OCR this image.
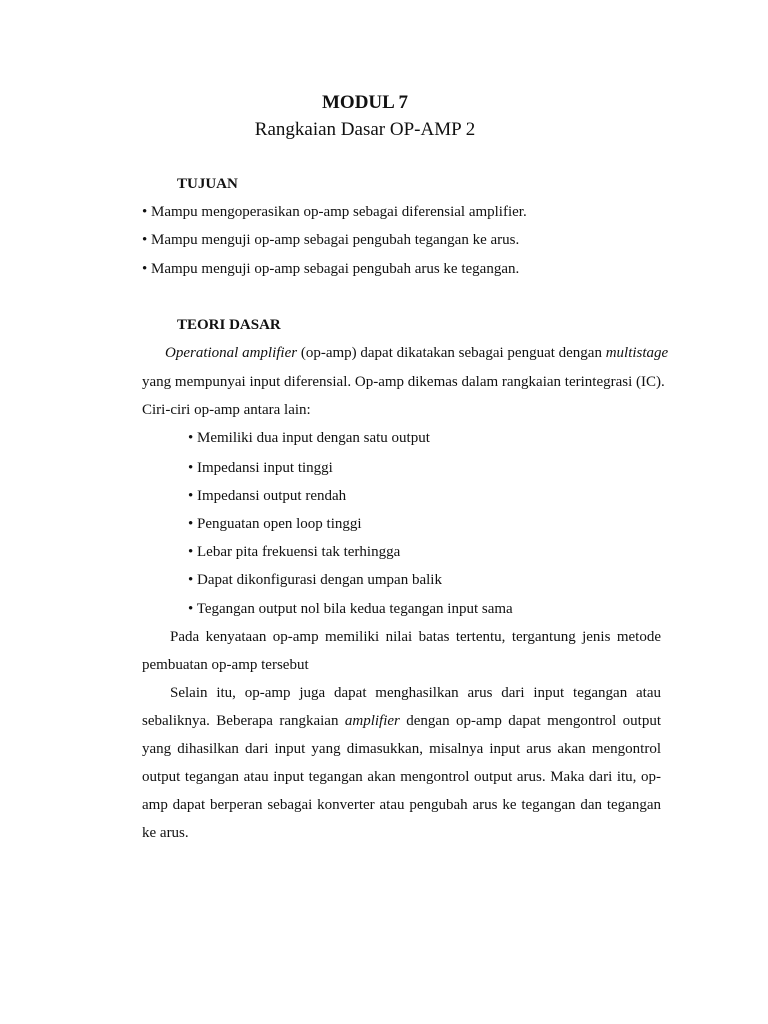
MODUL 7
Rangkaian Dasar OP-AMP 2
TUJUAN
• Mampu mengoperasikan op-amp sebagai diferensial amplifier.
• Mampu menguji op-amp sebagai pengubah tegangan ke arus.
• Mampu menguji op-amp sebagai pengubah arus ke tegangan.
TEORI DASAR
Operational amplifier (op-amp) dapat dikatakan sebagai penguat dengan multistage
yang mempunyai input diferensial. Op-amp dikemas dalam rangkaian terintegrasi (IC).
Ciri-ciri op-amp antara lain:
• Memiliki dua input dengan satu output
• Impedansi input tinggi
• Impedansi output rendah
• Penguatan open loop tinggi
• Lebar pita frekuensi tak terhingga
• Dapat dikonfigurasi dengan umpan balik
• Tegangan output nol bila kedua tegangan input sama
Pada kenyataan op-amp memiliki nilai batas tertentu, tergantung jenis metode
pembuatan op-amp tersebut
Selain itu, op-amp juga dapat menghasilkan arus dari input tegangan atau
sebaliknya. Beberapa rangkaian amplifier dengan op-amp dapat mengontrol output
yang dihasilkan dari input yang dimasukkan, misalnya input arus akan mengontrol
output tegangan atau input tegangan akan mengontrol output arus. Maka dari itu, op-
amp dapat berperan sebagai konverter atau pengubah arus ke tegangan dan tegangan
ke arus.
